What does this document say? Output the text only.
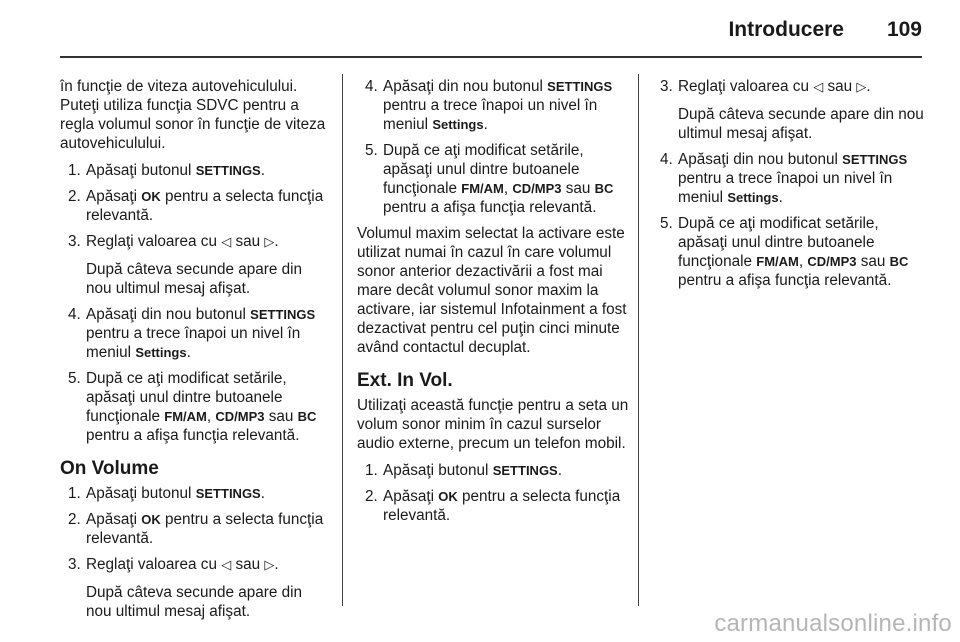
Introducere 109

în funcţie de viteza autovehiculului. Puteţi utiliza funcţia SDVC pentru a regla volumul sonor în funcţie de viteza autovehiculului.

1. Apăsaţi butonul SETTINGS.
2. Apăsaţi OK pentru a selecta funcţia relevantă.
3. Reglaţi valoarea cu ◁ sau ▷.
După câteva secunde apare din nou ultimul mesaj afişat.
4. Apăsaţi din nou butonul SETTINGS pentru a trece înapoi un nivel în meniul Settings.
5. După ce aţi modificat setările, apăsaţi unul dintre butoanele funcţionale FM/AM, CD/MP3 sau BC pentru a afişa funcţia relevantă.
On Volume
1. Apăsaţi butonul SETTINGS.
2. Apăsaţi OK pentru a selecta funcţia relevantă.
3. Reglaţi valoarea cu ◁ sau ▷.
După câteva secunde apare din nou ultimul mesaj afişat.
4. Apăsaţi din nou butonul SETTINGS pentru a trece înapoi un nivel în meniul Settings.
5. După ce aţi modificat setările, apăsaţi unul dintre butoanele funcţionale FM/AM, CD/MP3 sau BC pentru a afişa funcţia relevantă.

Volumul maxim selectat la activare este utilizat numai în cazul în care volumul sonor anterior dezactivării a fost mai mare decât volumul sonor maxim la activare, iar sistemul Infotainment a fost dezactivat pentru cel puţin cinci minute având contactul decuplat.

Ext. In Vol.

Utilizaţi această funcţie pentru a seta un volum sonor minim în cazul surselor audio externe, precum un telefon mobil.

1. Apăsaţi butonul SETTINGS.
2. Apăsaţi OK pentru a selecta funcţia relevantă.
3. Reglaţi valoarea cu ◁ sau ▷.
După câteva secunde apare din nou ultimul mesaj afişat.
4. Apăsaţi din nou butonul SETTINGS pentru a trece înapoi un nivel în meniul Settings.
5. După ce aţi modificat setările, apăsaţi unul dintre butoanele funcţionale FM/AM, CD/MP3 sau BC pentru a afişa funcţia relevantă.
carmanualsonline.info
